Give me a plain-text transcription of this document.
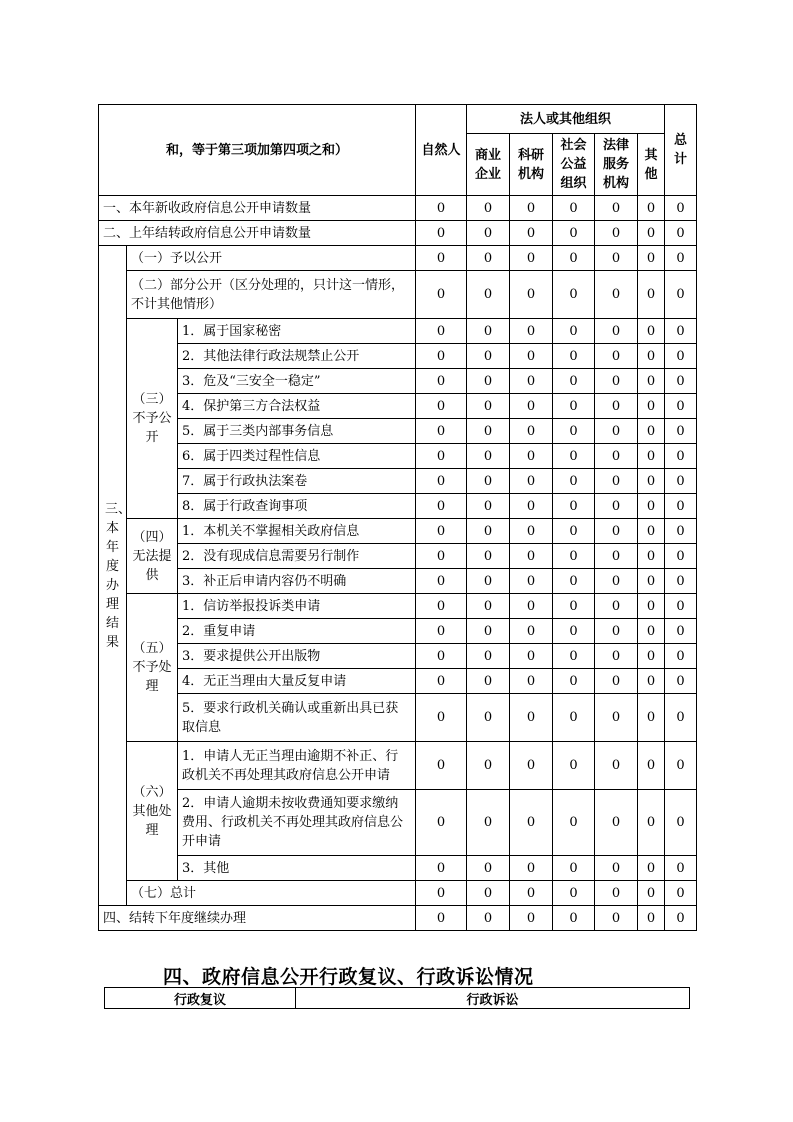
和，等于第三项加第四项之和）			自然人	法人或其他组织					总计
				商业企业	科研机构	社会公益组织	法律服务机构	其他	
一、本年新收政府信息公开申请数量			0	0	0	0	0	0	0
二、上年结转政府信息公开申请数量			0	0	0	0	0	0	0
三、本年度办理结果	（一）予以公开		0	0	0	0	0	0	0
	（二）部分公开（区分处理的，只计这一情形，不计其他情形）		0	0	0	0	0	0	0
	（三）不予公开	1．属于国家秘密	0	0	0	0	0	0	0
		2．其他法律行政法规禁止公开	0	0	0	0	0	0	0
		3．危及“三安全一稳定”	0	0	0	0	0	0	0
		4．保护第三方合法权益	0	0	0	0	0	0	0
		5．属于三类内部事务信息	0	0	0	0	0	0	0
		6．属于四类过程性信息	0	0	0	0	0	0	0
		7．属于行政执法案卷	0	0	0	0	0	0	0
		8．属于行政查询事项	0	0	0	0	0	0	0
	（四）无法提供	1．本机关不掌握相关政府信息	0	0	0	0	0	0	0
		2．没有现成信息需要另行制作	0	0	0	0	0	0	0
		3．补正后申请内容仍不明确	0	0	0	0	0	0	0
	（五）不予处理	1．信访举报投诉类申请	0	0	0	0	0	0	0
		2．重复申请	0	0	0	0	0	0	0
		3．要求提供公开出版物	0	0	0	0	0	0	0
		4．无正当理由大量反复申请	0	0	0	0	0	0	0
		5．要求行政机关确认或重新出具已获取信息	0	0	0	0	0	0	0
	（六）其他处理	1．申请人无正当理由逾期不补正、行政机关不再处理其政府信息公开申请	0	0	0	0	0	0	0
		2．申请人逾期未按收费通知要求缴纳费用、行政机关不再处理其政府信息公开申请	0	0	0	0	0	0	0
		3．其他	0	0	0	0	0	0	0
	（七）总计		0	0	0	0	0	0	0
四、结转下年度继续办理			0	0	0	0	0	0	0
四、政府信息公开行政复议、行政诉讼情况
行政复议	行政诉讼
